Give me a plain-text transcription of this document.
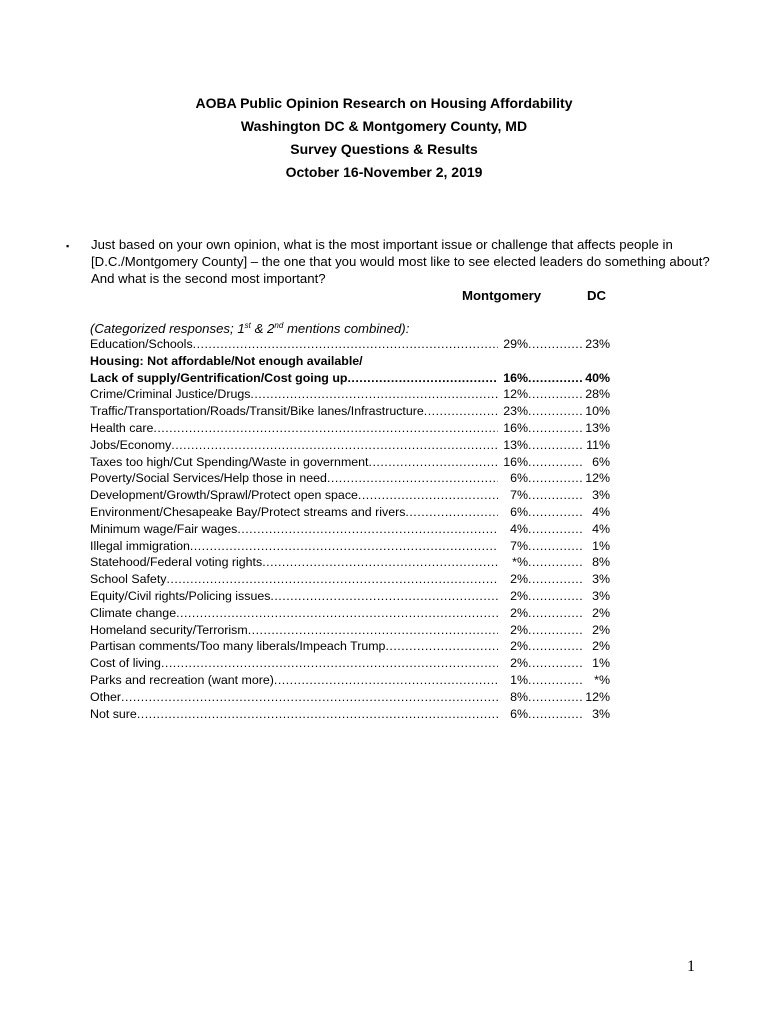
AOBA Public Opinion Research on Housing Affordability
Washington DC & Montgomery County, MD
Survey Questions & Results
October 16-November 2, 2019
▪	Just based on your own opinion, what is the most important issue or challenge that affects people in [D.C./Montgomery County] – the one that you would most like to see elected leaders do something about? And what is the second most important?
Montgomery	DC
(Categorized responses; 1st & 2nd mentions combined):
Education/Schools .....	29% .....	23%
Housing: Not affordable/Not enough available/
Lack of supply/Gentrification/Cost going up .....	16% .....	40%
Crime/Criminal Justice/Drugs .....	12% .....	28%
Traffic/Transportation/Roads/Transit/Bike lanes/Infrastructure .....	23% .....	10%
Health care .....	16% .....	13%
Jobs/Economy .....	13% .....	11%
Taxes too high/Cut Spending/Waste in government .....	16% .....	6%
Poverty/Social Services/Help those in need .....	6% .....	12%
Development/Growth/Sprawl/Protect open space .....	7% .....	3%
Environment/Chesapeake Bay/Protect streams and rivers .....	6% .....	4%
Minimum wage/Fair wages .....	4% .....	4%
Illegal immigration .....	7% .....	1%
Statehood/Federal voting rights .....	*% .....	8%
School Safety .....	2% .....	3%
Equity/Civil rights/Policing issues .....	2% .....	3%
Climate change .....	2% .....	2%
Homeland security/Terrorism .....	2% .....	2%
Partisan comments/Too many liberals/Impeach Trump .....	2% .....	2%
Cost of living .....	2% .....	1%
Parks and recreation (want more) .....	1% .....	*%
Other .....	8% .....	12%
Not sure .....	6% .....	3%
1
